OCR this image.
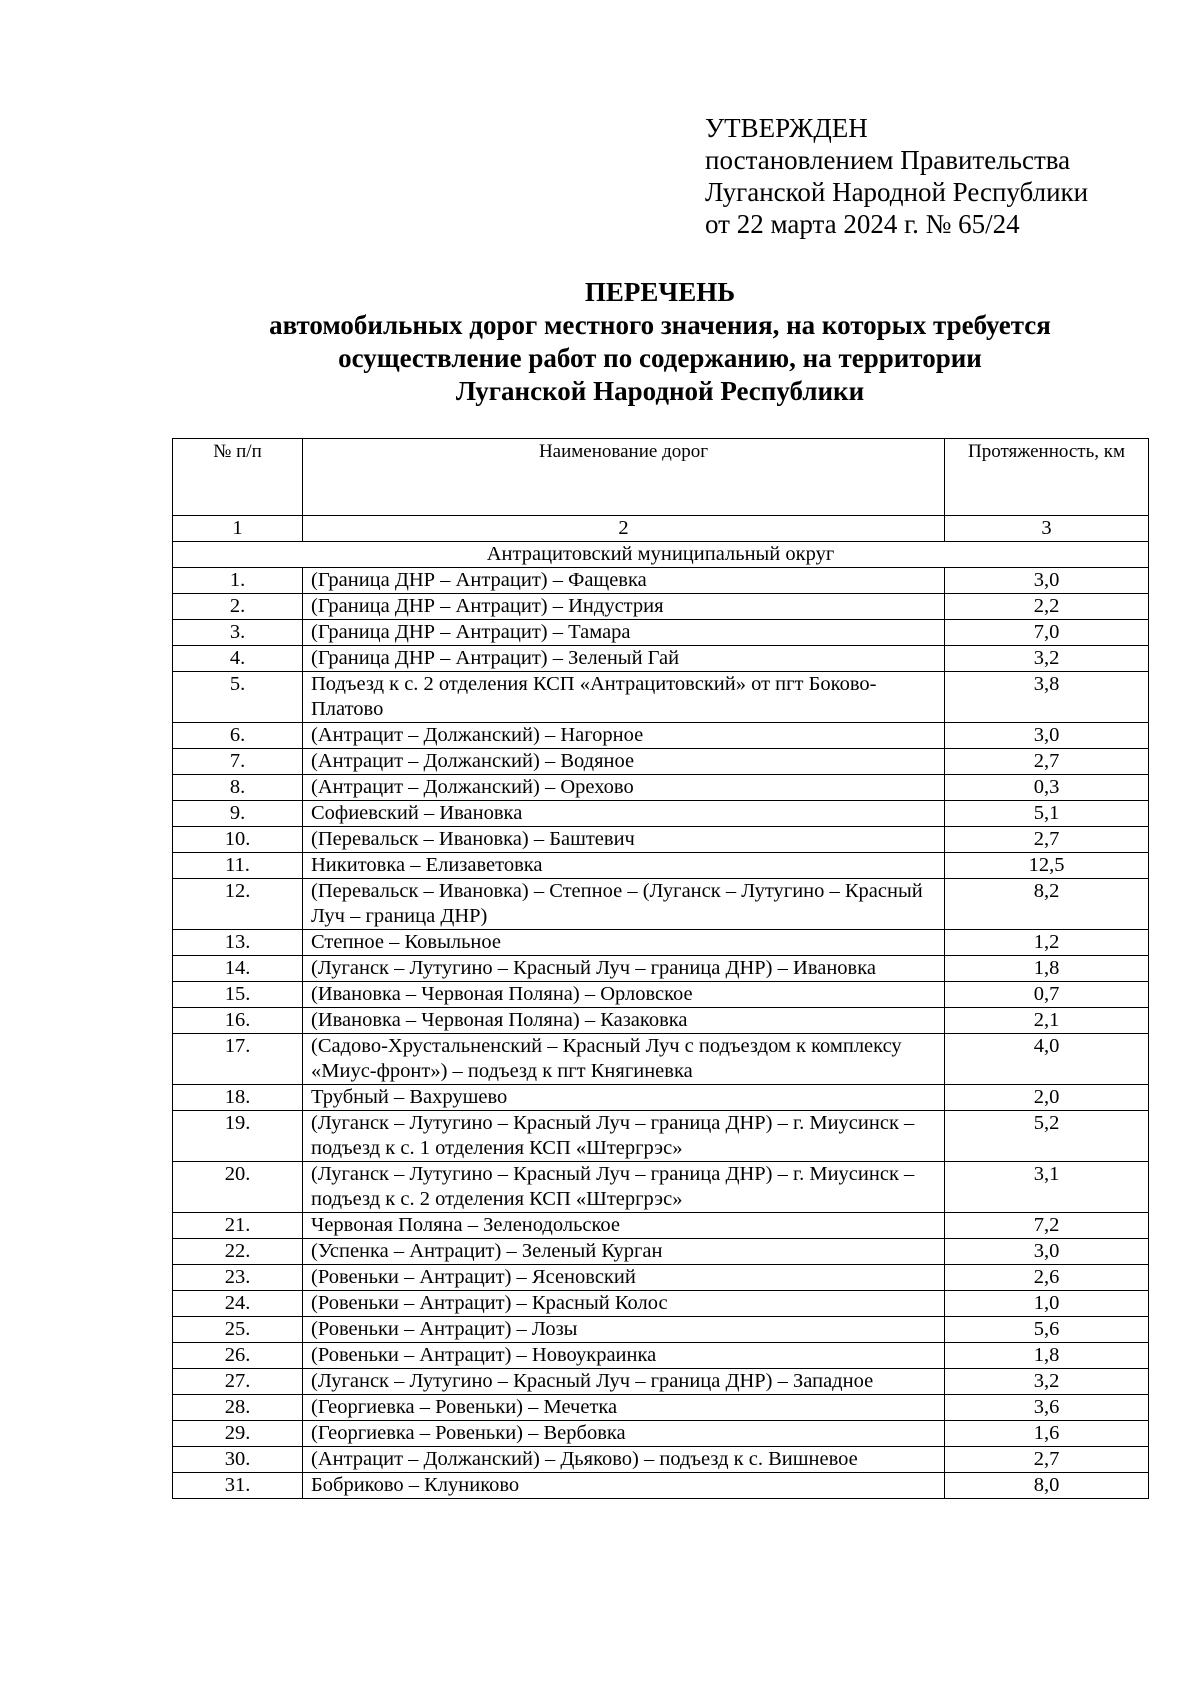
УТВЕРЖДЕН
постановлением Правительства
Луганской Народной Республики
от 22 марта 2024 г. № 65/24
ПЕРЕЧЕНЬ
автомобильных дорог местного значения, на которых требуется
осуществление работ по содержанию, на территории
Луганской Народной Республики
№ п/п	Наименование дорог	Протяженность, км
1	2	3
Антрацитовский муниципальный округ		
1.	(Граница ДНР – Антрацит) – Фащевка	3,0
2.	(Граница ДНР – Антрацит) – Индустрия	2,2
3.	(Граница ДНР – Антрацит) – Тамара	7,0
4.	(Граница ДНР – Антрацит) – Зеленый Гай	3,2
5.	Подъезд к с. 2 отделения КСП «Антрацитовский» от пгт Боково-Платово	3,8
6.	(Антрацит – Должанский) – Нагорное	3,0
7.	(Антрацит – Должанский) – Водяное	2,7
8.	(Антрацит – Должанский) – Орехово	0,3
9.	Софиевский – Ивановка	5,1
10.	(Перевальск – Ивановка) – Баштевич	2,7
11.	Никитовка – Елизаветовка	12,5
12.	(Перевальск – Ивановка) – Степное – (Луганск – Лутугино – Красный Луч – граница ДНР)	8,2
13.	Степное – Ковыльное	1,2
14.	(Луганск – Лутугино – Красный Луч – граница ДНР) – Ивановка	1,8
15.	(Ивановка – Червоная Поляна) – Орловское	0,7
16.	(Ивановка – Червоная Поляна) – Казаковка	2,1
17.	(Садово-Хрустальненский – Красный Луч с подъездом к комплексу «Миус-фронт») – подъезд к пгт Княгиневка	4,0
18.	Трубный – Вахрушево	2,0
19.	(Луганск – Лутугино – Красный Луч – граница ДНР) – г. Миусинск – подъезд к с. 1 отделения КСП «Штергрэс»	5,2
20.	(Луганск – Лутугино – Красный Луч – граница ДНР) – г. Миусинск – подъезд к с. 2 отделения КСП «Штергрэс»	3,1
21.	Червоная Поляна – Зеленодольское	7,2
22.	(Успенка – Антрацит) – Зеленый Курган	3,0
23.	(Ровеньки – Антрацит) – Ясеновский	2,6
24.	(Ровеньки – Антрацит) – Красный Колос	1,0
25.	(Ровеньки – Антрацит) – Лозы	5,6
26.	(Ровеньки – Антрацит) – Новоукраинка	1,8
27.	(Луганск – Лутугино – Красный Луч – граница ДНР) – Западное	3,2
28.	(Георгиевка – Ровеньки) – Мечетка	3,6
29.	(Георгиевка – Ровеньки) – Вербовка	1,6
30.	(Антрацит – Должанский) – Дьяково) – подъезд к с. Вишневое	2,7
31.	Бобриково – Клуниково	8,0
